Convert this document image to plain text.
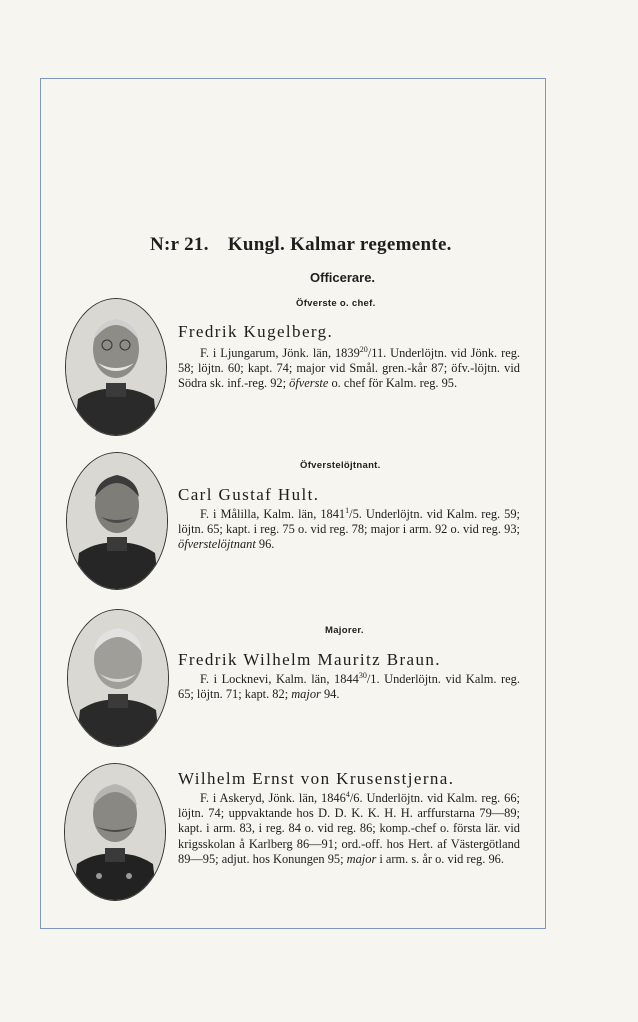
N:r 21. Kungl. Kalmar regemente.
Officerare.
Öfverste o. chef.
Fredrik Kugelberg.
F. i Ljungarum, Jönk. län, 1839$^{20}$/11. Underlöjtn. vid Jönk. reg. 58; löjtn. 60; kapt. 74; major vid Smål. gren.-kår 87; öfv.-löjtn. vid Södra sk. inf.-reg. 92; öfverste o. chef för Kalm. reg. 95.
Öfverstelöjtnant.
Carl Gustaf Hult.
F. i Målilla, Kalm. län, 1841$^1$/5. Underlöjtn. vid Kalm. reg. 59; löjtn. 65; kapt. i reg. 75 o. vid reg. 78; major i arm. 92 o. vid reg. 93; öfverstelöjtnant 96.
Majorer.
Fredrik Wilhelm Mauritz Braun.
F. i Locknevi, Kalm. län, 1844$^{30}$/1. Underlöjtn. vid Kalm. reg. 65; löjtn. 71; kapt. 82; major 94.
Wilhelm Ernst von Krusenstjerna.
F. i Askeryd, Jönk. län, 1846$^4$/6. Underlöjtn. vid Kalm. reg. 66; löjtn. 74; uppvaktande hos D. D. K. K. H. H. arffurstarna 79—89; kapt. i arm. 83, i reg. 84 o. vid reg. 86; komp.-chef o. första lär. vid krigsskolan å Karlberg 86—91; ord.-off. hos Hert. af Västergötland 89—95; adjut. hos Konungen 95; major i arm. s. år o. vid reg. 96.
